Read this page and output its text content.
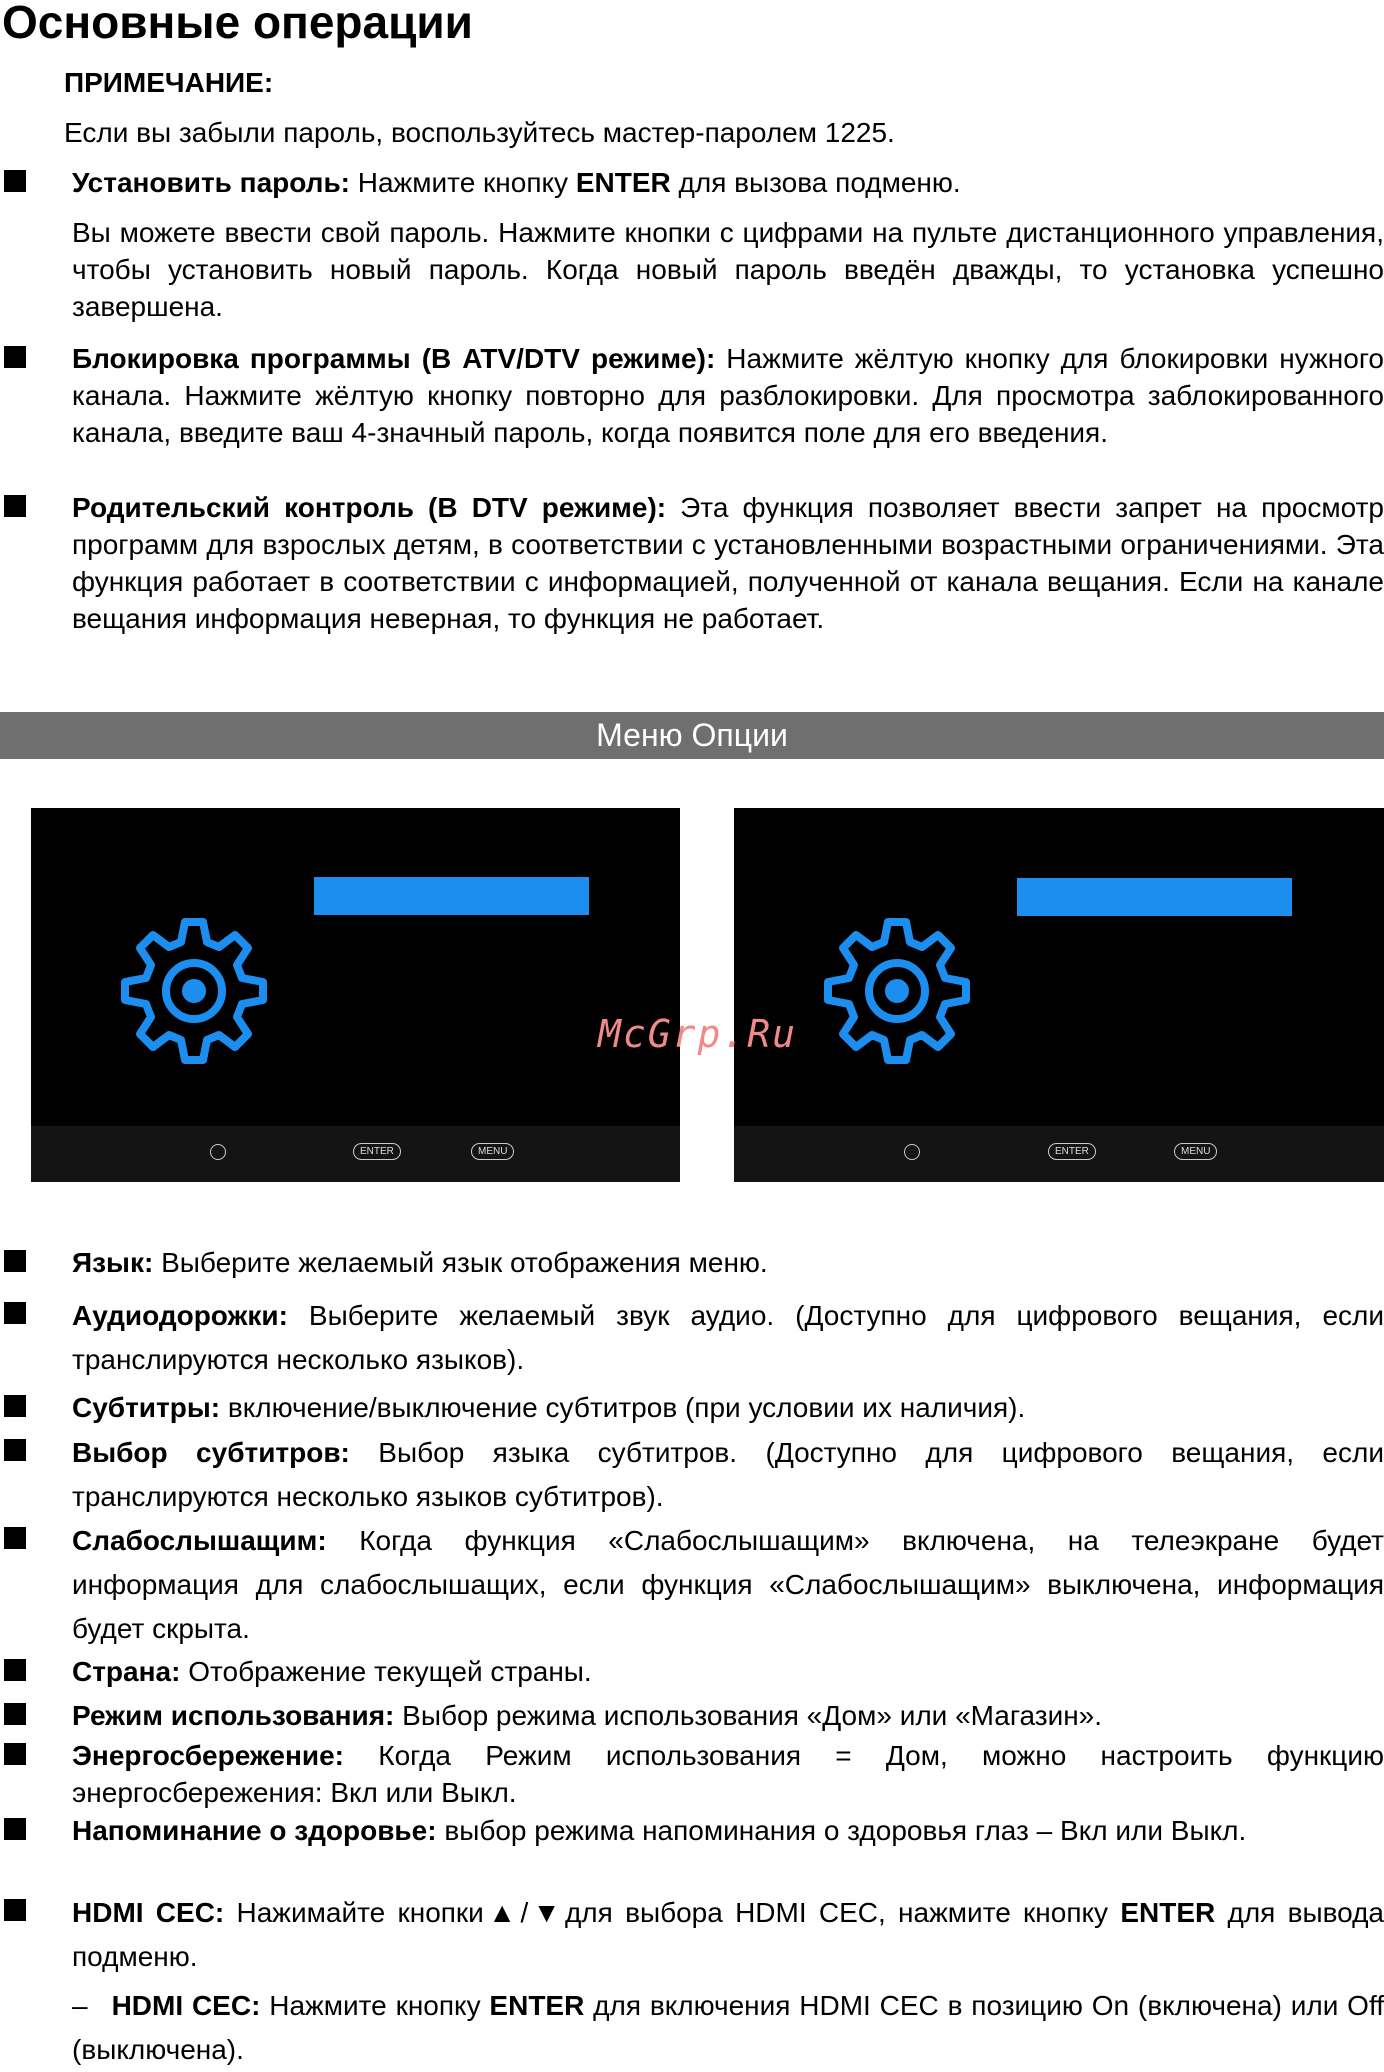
Основные операции
ПРИМЕЧАНИЕ:
Если вы забыли пароль, воспользуйтесь мастер-паролем 1225.
Установить пароль: Нажмите кнопку ENTER для вызова подменю.
Вы можете ввести свой пароль. Нажмите кнопки с цифрами на пульте дистанционного управления, чтобы установить новый пароль. Когда новый пароль введён дважды, то установка успешно завершена.
Блокировка программы (В ATV/DTV режиме): Нажмите жёлтую кнопку для блокировки нужного канала. Нажмите жёлтую кнопку повторно для разблокировки. Для просмотра заблокированного канала, введите ваш 4-значный пароль, когда появится поле для его введения.
Родительский контроль (В DTV режиме): Эта функция позволяет ввести запрет на просмотр программ для взрослых детям, в соответствии с установленными возрастными ограничениями. Эта функция работает в соответствии с информацией, полученной от канала вещания. Если на канале вещания информация неверная, то функция не работает.
Меню Опции
ENTER	MENU	ENTER	MENU
McGrp.Ru
Язык: Выберите желаемый язык отображения меню.
Аудиодорожки: Выберите желаемый звук аудио. (Доступно для цифрового вещания, если транслируются несколько языков).
Субтитры: включение/выключение субтитров (при условии их наличия).
Выбор субтитров: Выбор языка субтитров. (Доступно для цифрового вещания, если транслируются несколько языков субтитров).
Слабослышащим: Когда функция «Слабослышащим» включена, на телеэкране будет информация для слабослышащих, если функция «Слабослышащим» выключена, информация будет скрыта.
Страна: Отображение текущей страны.
Режим использования: Выбор режима использования «Дом» или «Магазин».
Энергосбережение: Когда Режим использования = Дом, можно настроить функцию энергосбережения: Вкл или Выкл.
Напоминание о здоровье: выбор режима напоминания о здоровья глаз – Вкл или Выкл.
HDMI CEC: Нажимайте кнопки▲/▼для выбора HDMI CEC, нажмите кнопку ENTER для вывода подменю.
– HDMI CEC: Нажмите кнопку ENTER для включения HDMI CEC в позицию On (включена) или Off (выключена).
